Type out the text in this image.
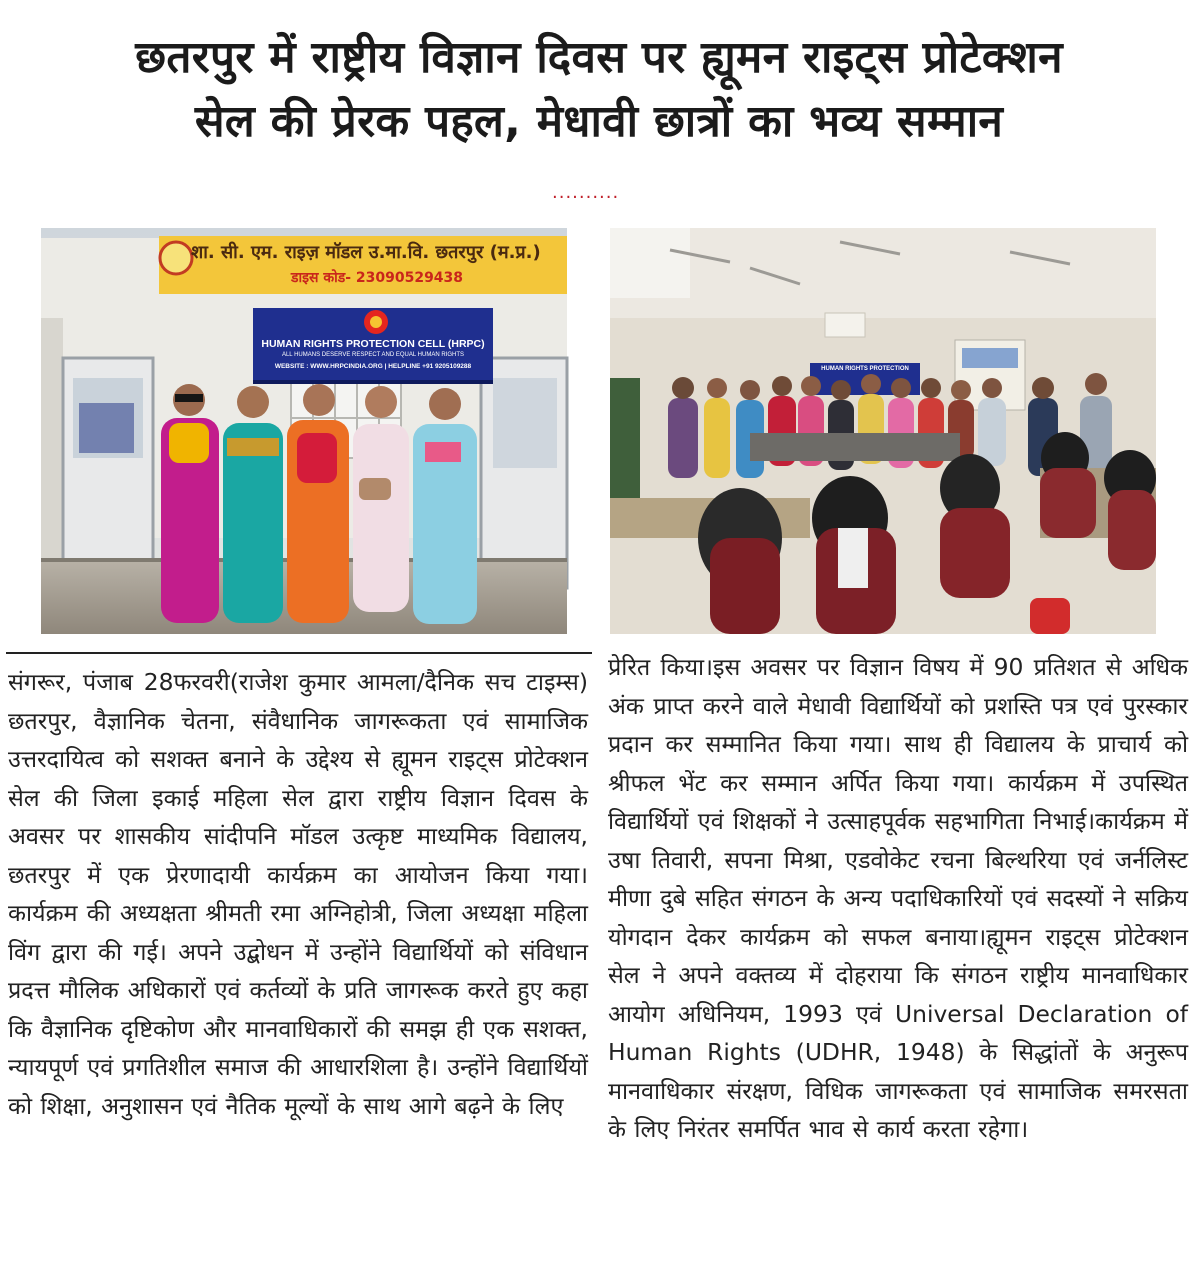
छतरपुर में राष्ट्रीय विज्ञान दिवस पर ह्यूमन राइट्स प्रोटेक्शन
सेल की प्रेरक पहल, मेधावी छात्रों का भव्य सम्मान
..........
शा. सी. एम. राइज़ मॉडल उ.मा.वि. छतरपुर (म.प्र.)
डाइस कोड- 23090529438
HUMAN RIGHTS PROTECTION CELL (HRPC)
ALL HUMANS DESERVE RESPECT AND EQUAL HUMAN RIGHTS
WEBSITE : WWW.HRPCINDIA.ORG | HELPLINE +91 9205109288	HUMAN RIGHTS PROTECTION
संगरूर, पंजाब 28फरवरी(राजेश कुमार आमला/दैनिक सच टाइम्स) छतरपुर, वैज्ञानिक चेतना, संवैधानिक जागरूकता एवं सामाजिक उत्तरदायित्व को सशक्त बनाने के उद्देश्य से ह्यूमन राइट्स प्रोटेक्शन सेल की जिला इकाई महिला सेल द्वारा राष्ट्रीय विज्ञान दिवस के अवसर पर शासकीय सांदीपनि मॉडल उत्कृष्ट माध्यमिक विद्यालय, छतरपुर में एक प्रेरणादायी कार्यक्रम का आयोजन किया गया।कार्यक्रम की अध्यक्षता श्रीमती रमा अग्निहोत्री, जिला अध्यक्षा महिला विंग द्वारा की गई। अपने उद्बोधन में उन्होंने विद्यार्थियों को संविधान प्रदत्त मौलिक अधिकारों एवं कर्तव्यों के प्रति जागरूक करते हुए कहा कि वैज्ञानिक दृष्टिकोण और मानवाधिकारों की समझ ही एक सशक्त, न्यायपूर्ण एवं प्रगतिशील समाज की आधारशिला है। उन्होंने विद्यार्थियों को शिक्षा, अनुशासन एवं नैतिक मूल्यों के साथ आगे बढ़ने के लिए
प्रेरित किया।इस अवसर पर विज्ञान विषय में 90 प्रतिशत से अधिक अंक प्राप्त करने वाले मेधावी विद्यार्थियों को प्रशस्ति पत्र एवं पुरस्कार प्रदान कर सम्मानित किया गया। साथ ही विद्यालय के प्राचार्य को श्रीफल भेंट कर सम्मान अर्पित किया गया। कार्यक्रम में उपस्थित विद्यार्थियों एवं शिक्षकों ने उत्साहपूर्वक सहभागिता निभाई।कार्यक्रम में उषा तिवारी, सपना मिश्रा, एडवोकेट रचना बिल्थरिया एवं जर्नलिस्ट मीणा दुबे सहित संगठन के अन्य पदाधिकारियों एवं सदस्यों ने सक्रिय योगदान देकर कार्यक्रम को सफल बनाया।ह्यूमन राइट्स प्रोटेक्शन सेल ने अपने वक्तव्य में दोहराया कि संगठन राष्ट्रीय मानवाधिकार आयोग अधिनियम, 1993 एवं Universal Declaration of Human Rights (UDHR, 1948) के सिद्धांतों के अनुरूप मानवाधिकार संरक्षण, विधिक जागरूकता एवं सामाजिक समरसता के लिए निरंतर समर्पित भाव से कार्य करता रहेगा।
